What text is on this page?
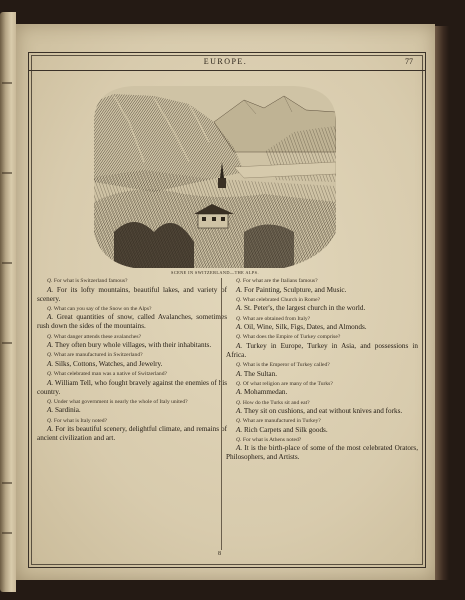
EUROPE.	77
SCENE IN SWITZERLAND—THE ALPS.

Q. For what is Switzerland famous?

A. For its lofty mountains, beautiful lakes, and variety of scenery.

Q. What can you say of the Snow on the Alps?

A. Great quantities of snow, called Avalanches, sometimes rush down the sides of the mountains.

Q. What danger attends these avalanches?

A. They often bury whole villages, with their inhabitants.

Q. What are manufactured in Switzerland?

A. Silks, Cottons, Watches, and Jewelry.

Q. What celebrated man was a native of Switzerland?

A. William Tell, who fought bravely against the enemies of his country.

Q. Under what government is nearly the whole of Italy united?

A. Sardinia.

Q. For what is Italy noted?

A. For its beautiful scenery, delightful climate, and remains of ancient civilization and art.

Q. For what are the Italians famous?

A. For Painting, Sculpture, and Music.

Q. What celebrated Church in Rome?

A. St. Peter's, the largest church in the world.

Q. What are obtained from Italy?

A. Oil, Wine, Silk, Figs, Dates, and Almonds.

Q. What does the Empire of Turkey comprise?

A. Turkey in Europe, Turkey in Asia, and possessions in Africa.

Q. What is the Emperor of Turkey called?

A. The Sultan.

Q. Of what religion are many of the Turks?

A. Mohammedan.

Q. How do the Turks sit and eat?

A. They sit on cushions, and eat without knives and forks.

Q. What are manufactured in Turkey?

A. Rich Carpets and Silk goods.

Q. For what is Athens noted?

A. It is the birth-place of some of the most celebrated Orators, Philosophers, and Artists.

8
